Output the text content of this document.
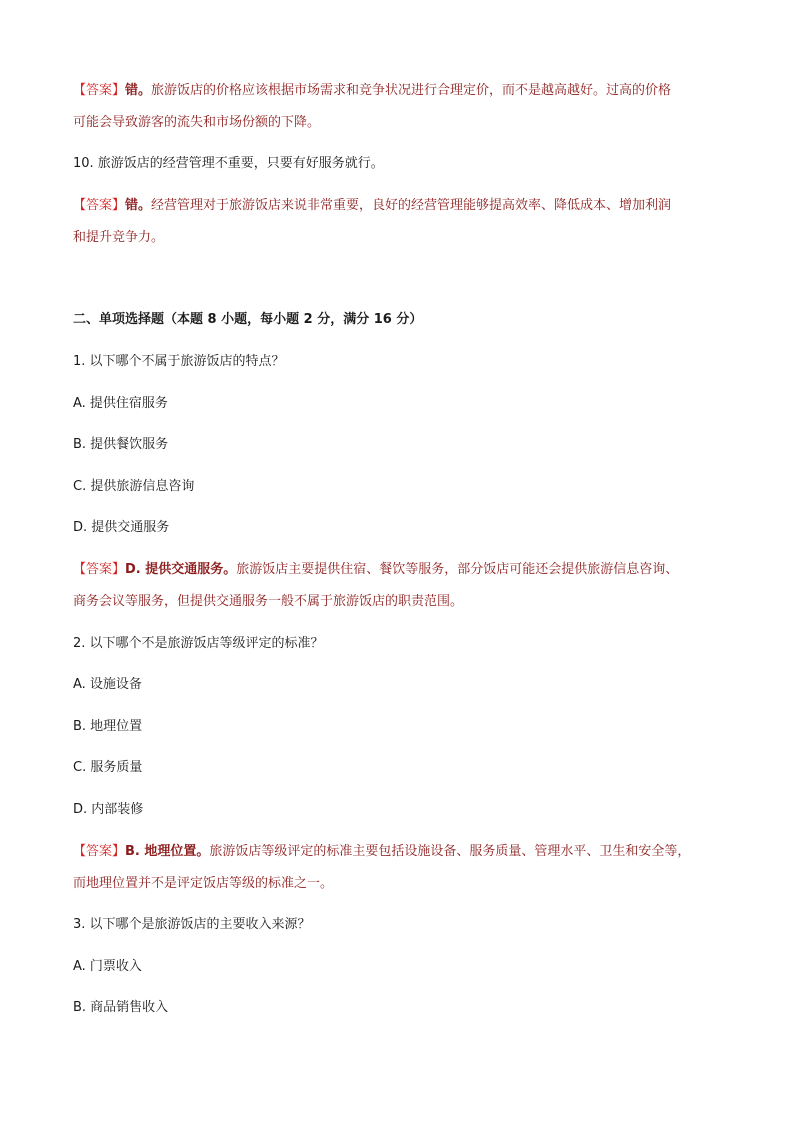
【答案】错。旅游饭店的价格应该根据市场需求和竞争状况进行合理定价，而不是越高越好。过高的价格
可能会导致游客的流失和市场份额的下降。
10. 旅游饭店的经营管理不重要，只要有好服务就行。
【答案】错。经营管理对于旅游饭店来说非常重要，良好的经营管理能够提高效率、降低成本、增加利润
和提升竞争力。
二、单项选择题（本题 8 小题，每小题 2 分，满分 16 分）
1. 以下哪个不属于旅游饭店的特点？
A. 提供住宿服务
B. 提供餐饮服务
C. 提供旅游信息咨询
D. 提供交通服务
【答案】D. 提供交通服务。旅游饭店主要提供住宿、餐饮等服务，部分饭店可能还会提供旅游信息咨询、
商务会议等服务，但提供交通服务一般不属于旅游饭店的职责范围。
2. 以下哪个不是旅游饭店等级评定的标准？
A. 设施设备
B. 地理位置
C. 服务质量
D. 内部装修
【答案】B. 地理位置。旅游饭店等级评定的标准主要包括设施设备、服务质量、管理水平、卫生和安全等，
而地理位置并不是评定饭店等级的标准之一。
3. 以下哪个是旅游饭店的主要收入来源？
A. 门票收入
B. 商品销售收入
